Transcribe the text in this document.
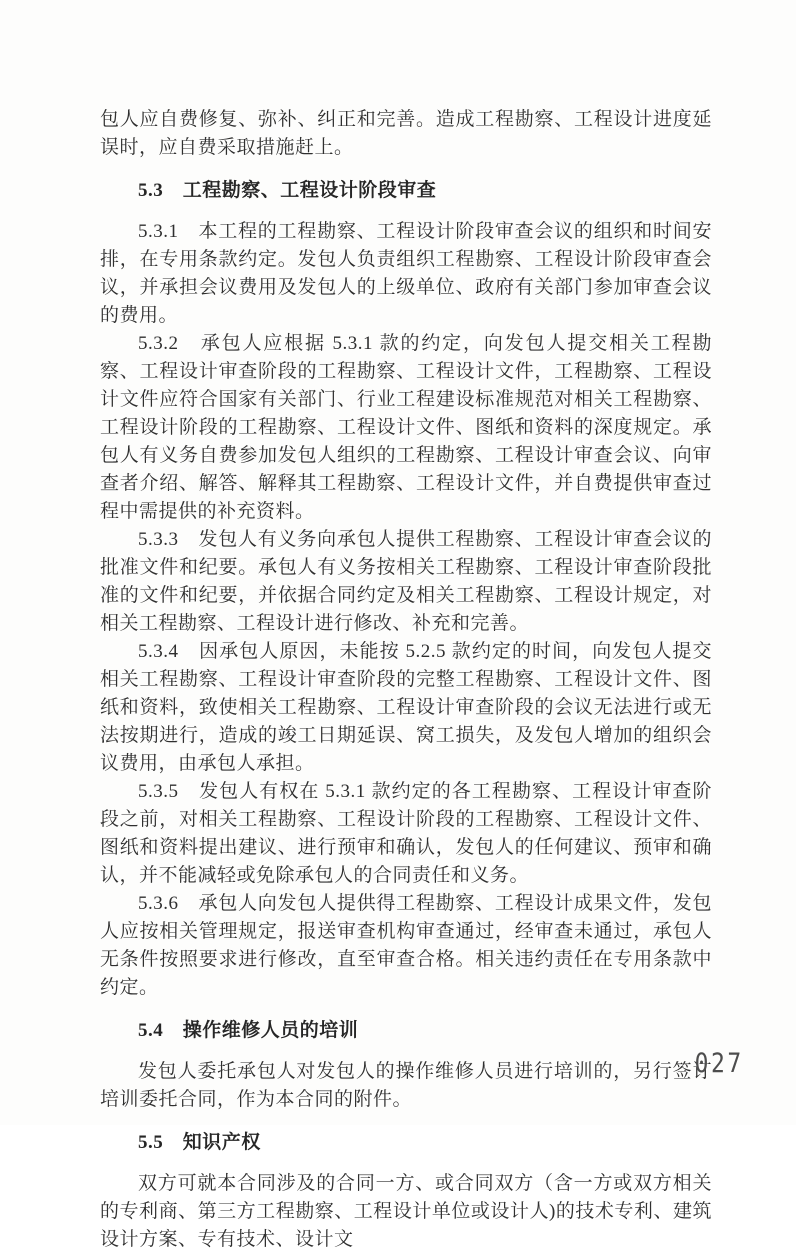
包人应自费修复、弥补、纠正和完善。造成工程勘察、工程设计进度延误时，应自费采取措施赶上。

5.3　工程勘察、工程设计阶段审查

5.3.1　本工程的工程勘察、工程设计阶段审查会议的组织和时间安排，在专用条款约定。发包人负责组织工程勘察、工程设计阶段审查会议，并承担会议费用及发包人的上级单位、政府有关部门参加审查会议的费用。

5.3.2　承包人应根据 5.3.1 款的约定，向发包人提交相关工程勘察、工程设计审查阶段的工程勘察、工程设计文件，工程勘察、工程设计文件应符合国家有关部门、行业工程建设标准规范对相关工程勘察、工程设计阶段的工程勘察、工程设计文件、图纸和资料的深度规定。承包人有义务自费参加发包人组织的工程勘察、工程设计审查会议、向审查者介绍、解答、解释其工程勘察、工程设计文件，并自费提供审查过程中需提供的补充资料。

5.3.3　发包人有义务向承包人提供工程勘察、工程设计审查会议的批准文件和纪要。承包人有义务按相关工程勘察、工程设计审查阶段批准的文件和纪要，并依据合同约定及相关工程勘察、工程设计规定，对相关工程勘察、工程设计进行修改、补充和完善。

5.3.4　因承包人原因，未能按 5.2.5 款约定的时间，向发包人提交相关工程勘察、工程设计审查阶段的完整工程勘察、工程设计文件、图纸和资料，致使相关工程勘察、工程设计审查阶段的会议无法进行或无法按期进行，造成的竣工日期延误、窝工损失，及发包人增加的组织会议费用，由承包人承担。

5.3.5　发包人有权在 5.3.1 款约定的各工程勘察、工程设计审查阶段之前，对相关工程勘察、工程设计阶段的工程勘察、工程设计文件、图纸和资料提出建议、进行预审和确认，发包人的任何建议、预审和确认，并不能减轻或免除承包人的合同责任和义务。

5.3.6　承包人向发包人提供得工程勘察、工程设计成果文件，发包人应按相关管理规定，报送审查机构审查通过，经审查未通过，承包人无条件按照要求进行修改，直至审查合格。相关违约责任在专用条款中约定。

5.4　操作维修人员的培训

发包人委托承包人对发包人的操作维修人员进行培训的，另行签订培训委托合同，作为本合同的附件。

5.5　知识产权

双方可就本合同涉及的合同一方、或合同双方（含一方或双方相关的专利商、第三方工程勘察、工程设计单位或设计人)的技术专利、建筑设计方案、专有技术、设计文

027
